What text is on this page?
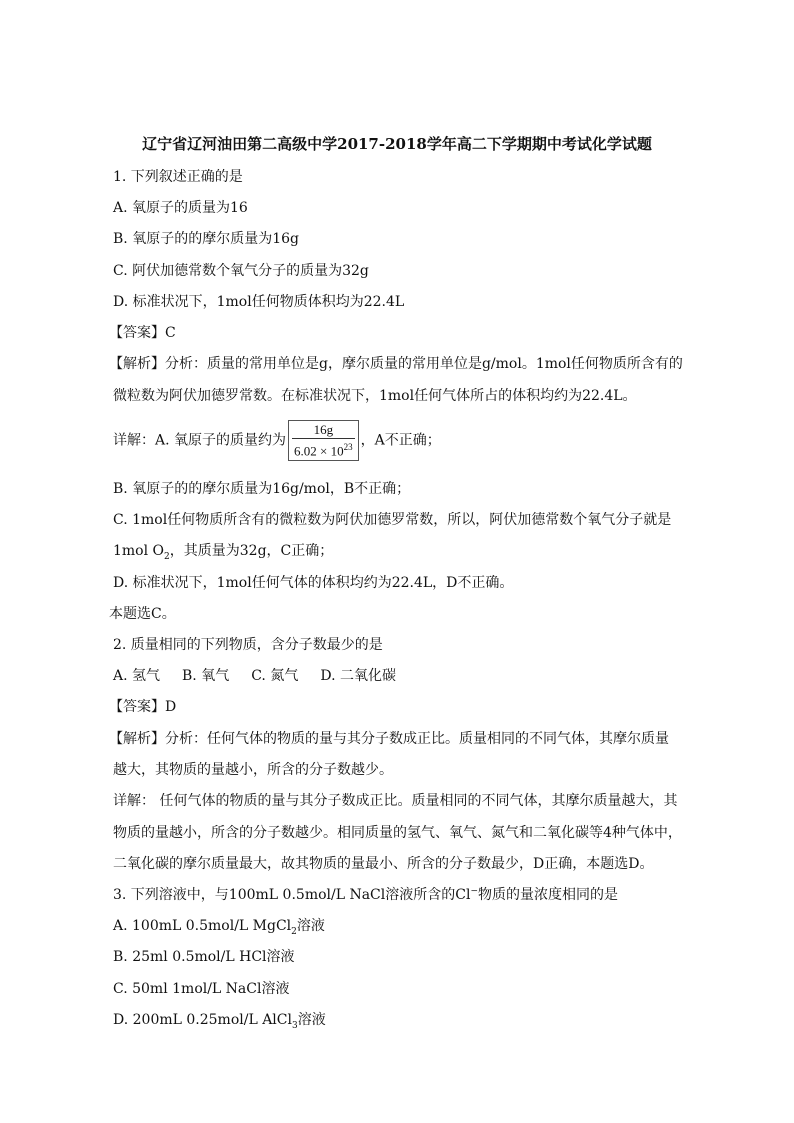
辽宁省辽河油田第二高级中学2017-2018学年高二下学期期中考试化学试题
1. 下列叙述正确的是
A. 氧原子的质量为16
B. 氧原子的的摩尔质量为16g
C. 阿伏加德常数个氧气分子的质量为32g
D. 标准状况下，1mol任何物质体积均为22.4L
【答案】C
【解析】分析：质量的常用单位是g，摩尔质量的常用单位是g/mol。1mol任何物质所含有的
微粒数为阿伏加德罗常数。在标准状况下，1mol任何气体所占的体积均约为22.4L。
详解：A. 氧原子的质量约为 $\frac{16g}{6.02 \times 10^{23}}$ ，A不正确；
B. 氧原子的的摩尔质量为16g/mol，B不正确；
C. 1mol任何物质所含有的微粒数为阿伏加德罗常数，所以，阿伏加德常数个氧气分子就是
1mol $O_2$，其质量为32g，C正确；
D. 标准状况下，1mol任何气体的体积均约为22.4L，D不正确。
本题选C。
2. 质量相同的下列物质，含分子数最少的是
A. 氢气 B. 氧气 C. 氮气 D. 二氧化碳
【答案】D
【解析】分析：任何气体的物质的量与其分子数成正比。质量相同的不同气体，其摩尔质量
越大，其物质的量越小，所含的分子数越少。
详解： 任何气体的物质的量与其分子数成正比。质量相同的不同气体，其摩尔质量越大，其
物质的量越小，所含的分子数越少。相同质量的氢气、氧气、氮气和二氧化碳等4种气体中，
二氧化碳的摩尔质量最大，故其物质的量最小、所含的分子数最少，D正确，本题选D。
3. 下列溶液中，与100mL 0.5mol/L NaCl溶液所含的Cl−物质的量浓度相同的是
A. 100mL 0.5mol/L MgCl$_2$溶液
B. 25ml 0.5mol/L HCl溶液
C. 50ml 1mol/L NaCl溶液
D. 200mL 0.25mol/L AlCl$_3$溶液
